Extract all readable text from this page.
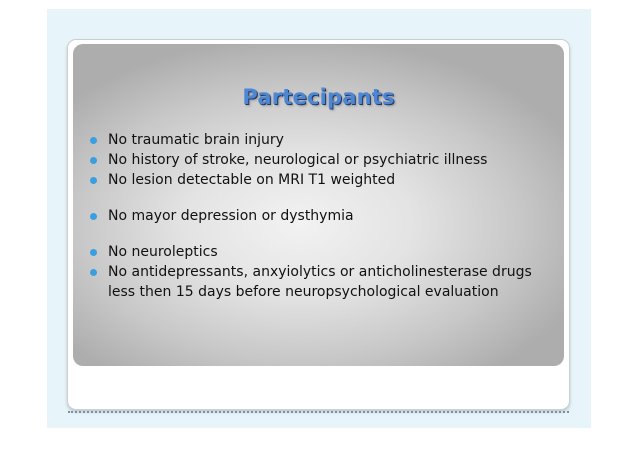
Partecipants
No traumatic brain injury
No history of stroke, neurological or psychiatric illness
No lesion detectable on MRI T1 weighted
No mayor depression or dysthymia
No neuroleptics
No antidepressants, anxyiolytics or anticholinesterase drugs less then 15 days before neuropsychological evaluation
